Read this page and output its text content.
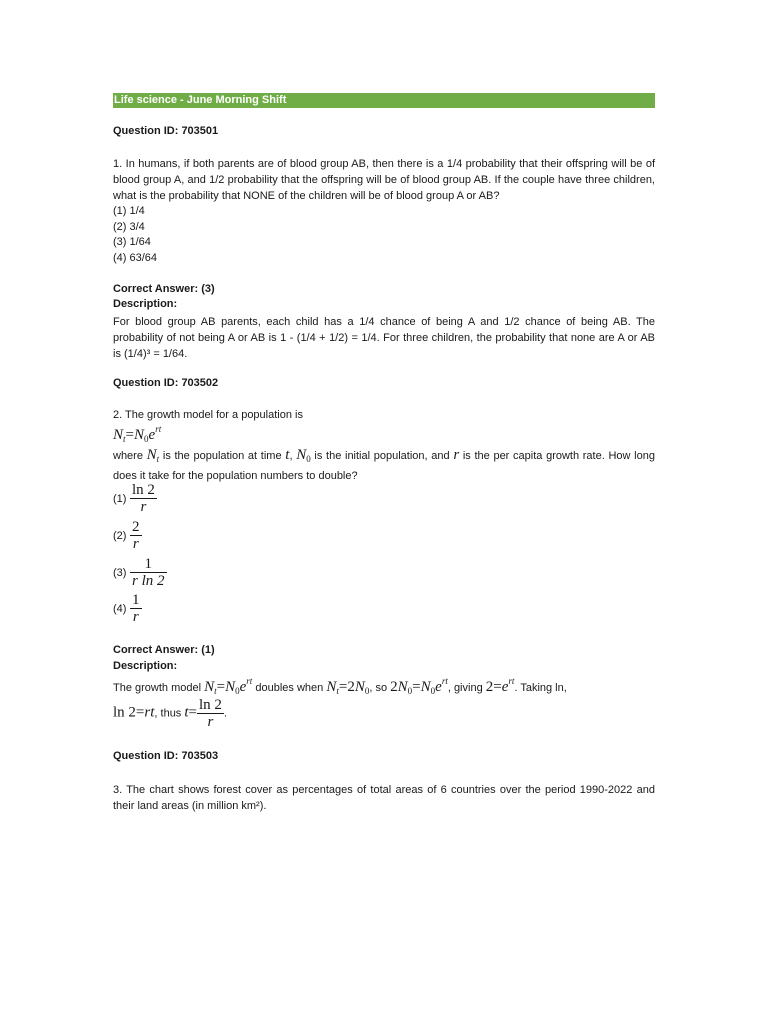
Life science - June Morning Shift
Question ID: 703501
1. In humans, if both parents are of blood group AB, then there is a 1/4 probability that their offspring will be of blood group A, and 1/2 probability that the offspring will be of blood group AB. If the couple have three children, what is the probability that NONE of the children will be of blood group A or AB?
(1) 1/4
(2) 3/4
(3) 1/64
(4) 63/64
Correct Answer: (3)
Description:
For blood group AB parents, each child has a 1/4 chance of being A and 1/2 chance of being AB. The probability of not being A or AB is 1 - (1/4 + 1/2) = 1/4. For three children, the probability that none are A or AB is (1/4)³ = 1/64.
Question ID: 703502
2. The growth model for a population is
$N_t=N_0e^{rt}$
where $N_t$ is the population at time t, $N_0$ is the initial population, and r is the per capita growth rate. How long does it take for the population numbers to double?
$(1) \frac{\ln 2}{r}$
$(2) \frac{2}{r}$
$(3) \frac{1}{\text{r ln 2}}$
$(4) \frac{1}{r}$
Correct Answer: (1)
Description:
The growth model $N_t=N_0e^{rt}$ doubles when $N_t=2N_0$, so $2N_0=N_0e^{rt}$, giving $2=e^{rt}$. Taking ln,
ln 2=rt, thus $t= \frac{\ln 2}{r}$ .
Question ID: 703503
3. The chart shows forest cover as percentages of total areas of 6 countries over the period 1990-2022 and their land areas (in million km²).
